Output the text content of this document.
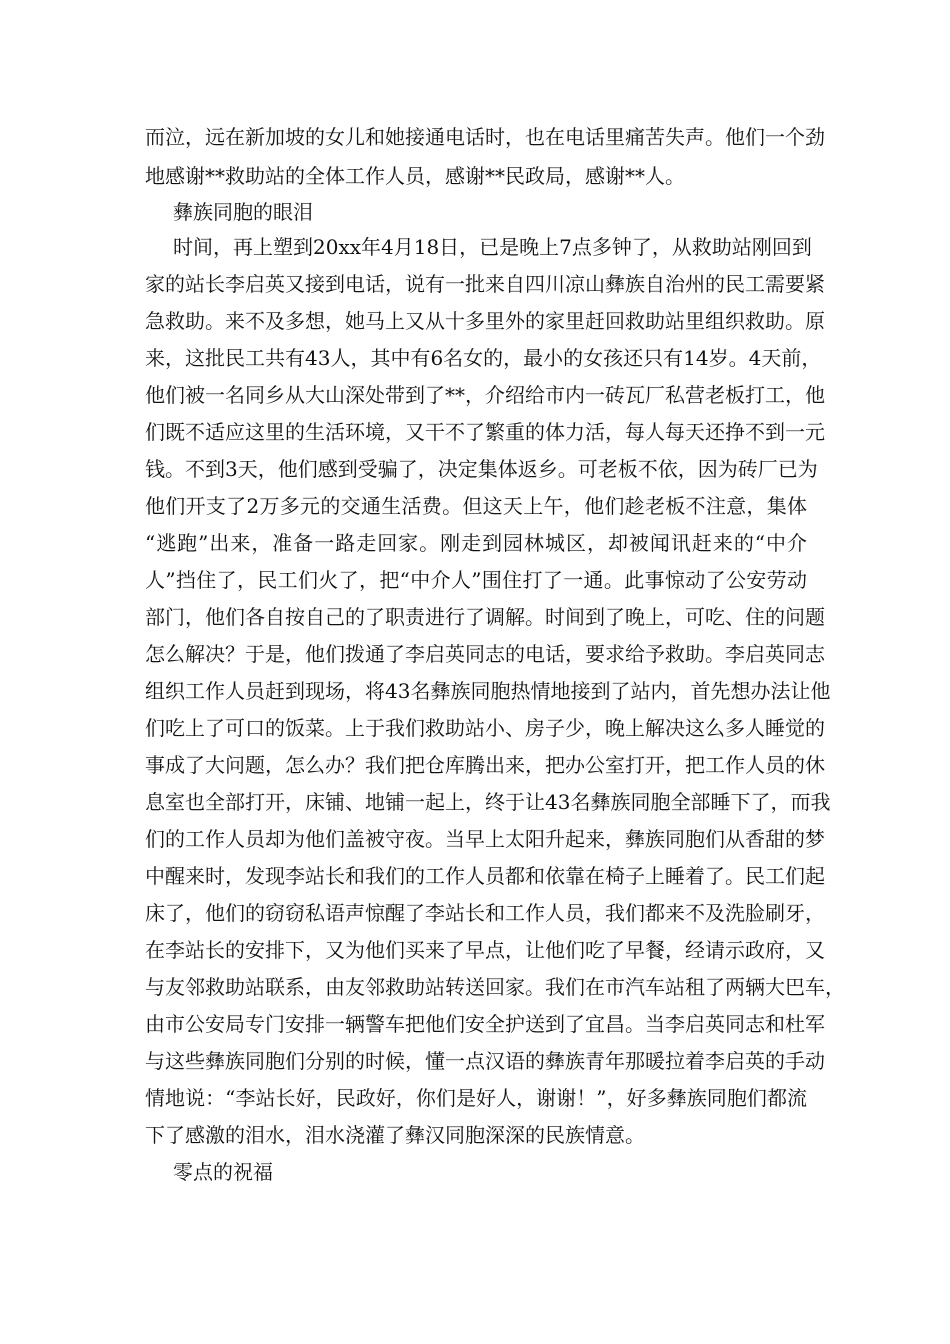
而泣，远在新加坡的女儿和她接通电话时，也在电话里痛苦失声。他们一个劲
地感谢**救助站的全体工作人员，感谢**民政局，感谢**人。
彝族同胞的眼泪
时间，再上塑到20xx年4月18日，已是晚上7点多钟了，从救助站刚回到
家的站长李启英又接到电话，说有一批来自四川凉山彝族自治州的民工需要紧
急救助。来不及多想，她马上又从十多里外的家里赶回救助站里组织救助。原
来，这批民工共有43人，其中有6名女的，最小的女孩还只有14岁。4天前，
他们被一名同乡从大山深处带到了**，介绍给市内一砖瓦厂私营老板打工，他
们既不适应这里的生活环境，又干不了繁重的体力活，每人每天还挣不到一元
钱。不到3天，他们感到受骗了，决定集体返乡。可老板不依，因为砖厂已为
他们开支了2万多元的交通生活费。但这天上午，他们趁老板不注意，集体
“逃跑”出来，准备一路走回家。刚走到园林城区，却被闻讯赶来的“中介
人”挡住了，民工们火了，把“中介人”围住打了一通。此事惊动了公安劳动
部门，他们各自按自己的了职责进行了调解。时间到了晚上，可吃、住的问题
怎么解决？于是，他们拨通了李启英同志的电话，要求给予救助。李启英同志
组织工作人员赶到现场，将43名彝族同胞热情地接到了站内，首先想办法让他
们吃上了可口的饭菜。上于我们救助站小、房子少，晚上解决这么多人睡觉的
事成了大问题，怎么办？我们把仓库腾出来，把办公室打开，把工作人员的休
息室也全部打开，床铺、地铺一起上，终于让43名彝族同胞全部睡下了，而我
们的工作人员却为他们盖被守夜。当早上太阳升起来，彝族同胞们从香甜的梦
中醒来时，发现李站长和我们的工作人员都和依靠在椅子上睡着了。民工们起
床了，他们的窃窃私语声惊醒了李站长和工作人员，我们都来不及洗脸刷牙，
在李站长的安排下，又为他们买来了早点，让他们吃了早餐，经请示政府，又
与友邻救助站联系，由友邻救助站转送回家。我们在市汽车站租了两辆大巴车，
由市公安局专门安排一辆警车把他们安全护送到了宜昌。当李启英同志和杜军
与这些彝族同胞们分别的时候，懂一点汉语的彝族青年那暖拉着李启英的手动
情地说：“李站长好，民政好，你们是好人，谢谢！”，好多彝族同胞们都流
下了感激的泪水，泪水浇灌了彝汉同胞深深的民族情意。
零点的祝福
